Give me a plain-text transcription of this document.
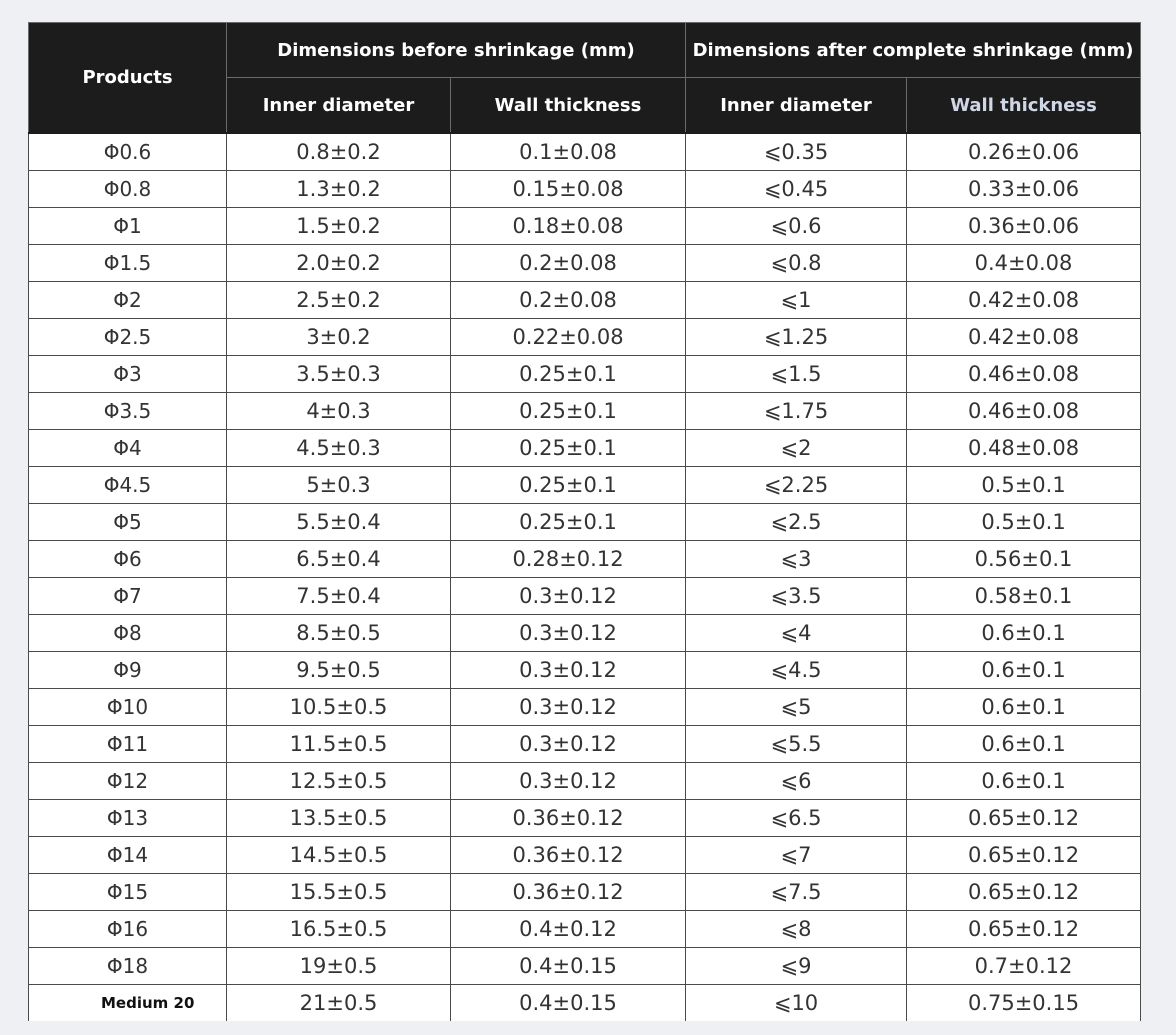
Products	Dimensions before shrinkage (mm)		Dimensions after complete shrinkage (mm)	
	Inner diameter	Wall thickness	Inner diameter	Wall thickness
Φ0.6	0.8±0.2	0.1±0.08	⩽0.35	0.26±0.06
Φ0.8	1.3±0.2	0.15±0.08	⩽0.45	0.33±0.06
Φ1	1.5±0.2	0.18±0.08	⩽0.6	0.36±0.06
Φ1.5	2.0±0.2	0.2±0.08	⩽0.8	0.4±0.08
Φ2	2.5±0.2	0.2±0.08	⩽1	0.42±0.08
Φ2.5	3±0.2	0.22±0.08	⩽1.25	0.42±0.08
Φ3	3.5±0.3	0.25±0.1	⩽1.5	0.46±0.08
Φ3.5	4±0.3	0.25±0.1	⩽1.75	0.46±0.08
Φ4	4.5±0.3	0.25±0.1	⩽2	0.48±0.08
Φ4.5	5±0.3	0.25±0.1	⩽2.25	0.5±0.1
Φ5	5.5±0.4	0.25±0.1	⩽2.5	0.5±0.1
Φ6	6.5±0.4	0.28±0.12	⩽3	0.56±0.1
Φ7	7.5±0.4	0.3±0.12	⩽3.5	0.58±0.1
Φ8	8.5±0.5	0.3±0.12	⩽4	0.6±0.1
Φ9	9.5±0.5	0.3±0.12	⩽4.5	0.6±0.1
Φ10	10.5±0.5	0.3±0.12	⩽5	0.6±0.1
Φ11	11.5±0.5	0.3±0.12	⩽5.5	0.6±0.1
Φ12	12.5±0.5	0.3±0.12	⩽6	0.6±0.1
Φ13	13.5±0.5	0.36±0.12	⩽6.5	0.65±0.12
Φ14	14.5±0.5	0.36±0.12	⩽7	0.65±0.12
Φ15	15.5±0.5	0.36±0.12	⩽7.5	0.65±0.12
Φ16	16.5±0.5	0.4±0.12	⩽8	0.65±0.12
Φ18	19±0.5	0.4±0.15	⩽9	0.7±0.12
Medium 20	21±0.5	0.4±0.15	⩽10	0.75±0.15
